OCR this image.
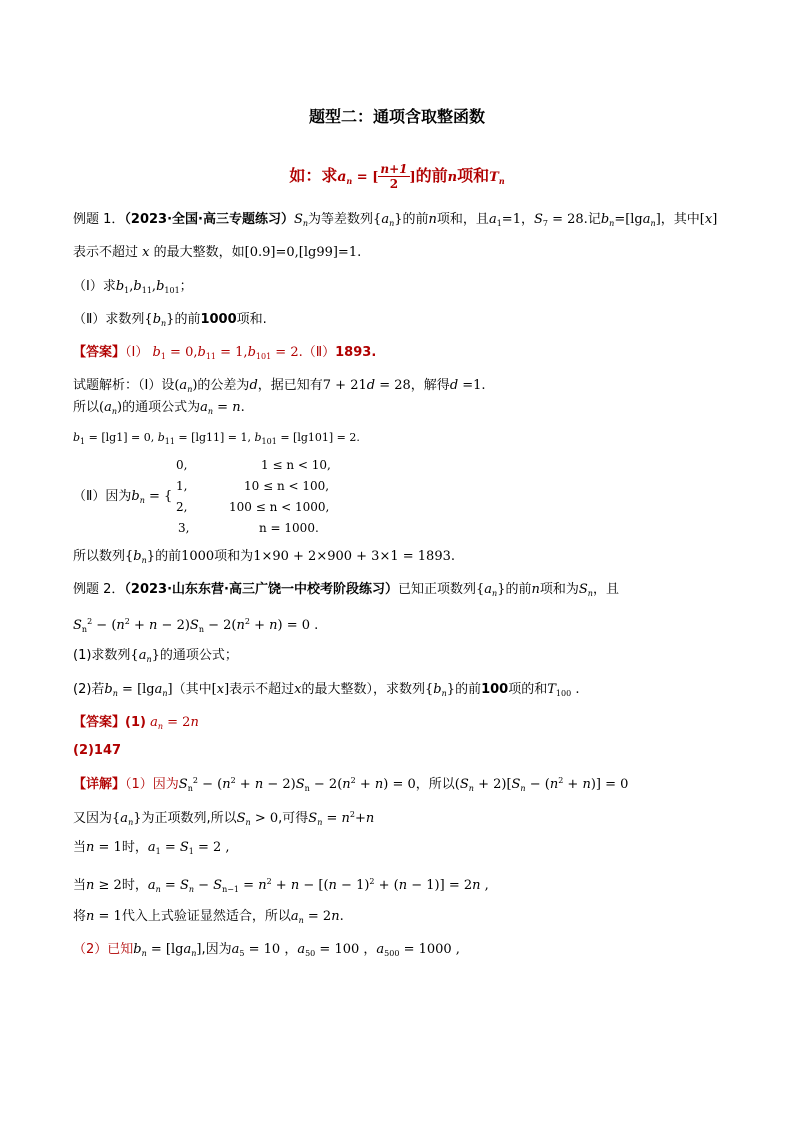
题型二：通项含取整函数
如：求$a_n$ = [ $\frac{n+1}{2}$ ]的前n项和$T_n$
例题 1．（2023·全国·高三专题练习）$S_n$为等差数列$\{a_n\}$的前n项和，且$a_1=1$，$S_7 = 28$.记$b_n=[\lg a_n]$，其中[x]
表示不超过 x 的最大整数，如[0.9]=0,[lg99]=1.
（Ⅰ）求$b_1,b_{11},b_{101}$；
（Ⅱ）求数列$\{b_n\}$的前1000项和.
【答案】（Ⅰ） $b_1 = 0,b_{11} = 1,b_{101}$ = 2.（Ⅱ）1893.
试题解析：（Ⅰ）设$(a_n)$的公差为d，据已知有7 + 21d = 28，解得d =1.
所以$(a_n)$的通项公式为$a_n = n$.
$b_1 = [\lg 1] = 0$, $b_{11} = [\lg 11] = 1$, $b_{101} = [\lg 101] = 2$.
（Ⅱ）因为$b_n$ = {
0,
1,
2,
3,
1 ≤ n < 10,
10 ≤ n < 100,
100 ≤ n < 1000,
n = 1000.
所以数列$\{b_n\}$的前1000项和为1×90 + 2×900 + 3×1 = 1893.
例题 2．（2023·山东东营·高三广饶一中校考阶段练习）已知正项数列$\{a_n\}$的前n项和为$S_n$，且
$S_n^2 - (n^2 + n - 2)S_n - 2(n^2 + n) = 0$ .
(1)求数列$\{a_n\}$的通项公式；
(2)若$b_n = [\lg a_n]$（其中[x]表示不超过x的最大整数），求数列$\{b_n\}$的前100项的和$T_{100}$ .
【答案】(1) $a_n = 2n$
(2)147
【详解】（1）因为$S_n^2 - (n^2 + n - 2)S_n - 2(n^2 + n) = 0$，所以$(S_n + 2)[S_n - (n^2 + n)] = 0$
又因为$\{a_n\}$为正项数列,所以$S_n > 0$,可得$S_n = n^2+n$
当n = 1时，$a_1 = S_1 = 2$ ,
当n ≥ 2时，$a_n = S_n - S_{n-1} = n^2 + n - [(n - 1)^2 + (n - 1)] = 2n$ ,
将n = 1代入上式验证显然适合，所以$a_n = 2n$.
（2）已知$b_n = [\lg a_n]$,因为$a_5 = 10$ ，$a_{50} = 100$ ，$a_{500} = 1000$ ,
